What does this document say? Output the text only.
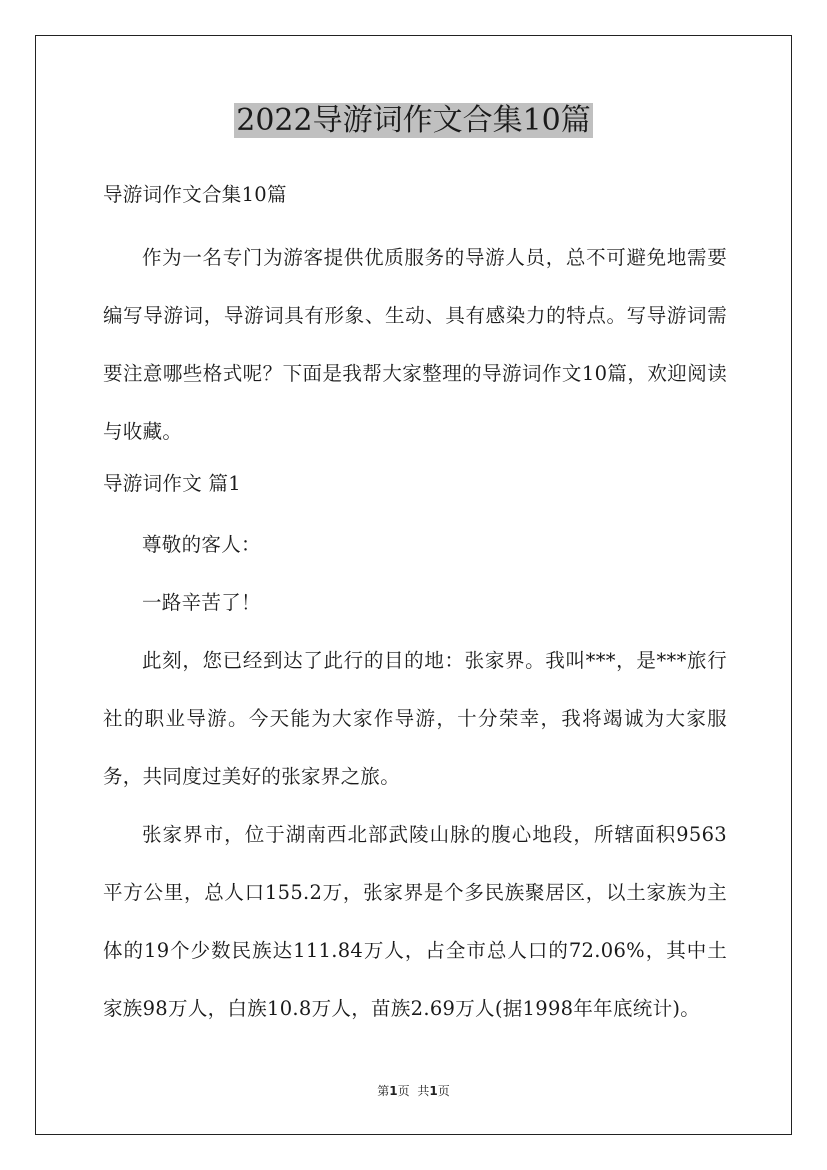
2022导游词作文合集10篇

导游词作文合集10篇

作为一名专门为游客提供优质服务的导游人员，总不可避免地需要编写导游词，导游词具有形象、生动、具有感染力的特点。写导游词需要注意哪些格式呢？下面是我帮大家整理的导游词作文10篇，欢迎阅读与收藏。

导游词作文 篇1

尊敬的客人：

一路辛苦了！

此刻，您已经到达了此行的目的地：张家界。我叫***，是***旅行社的职业导游。今天能为大家作导游，十分荣幸，我将竭诚为大家服务，共同度过美好的张家界之旅。

张家界市，位于湖南西北部武陵山脉的腹心地段，所辖面积9563平方公里，总人口155.2万，张家界是个多民族聚居区，以土家族为主体的19个少数民族达111.84万人，占全市总人口的72.06%，其中土家族98万人，白族10.8万人，苗族2.69万人(据1998年年底统计)。

第1页 共1页
